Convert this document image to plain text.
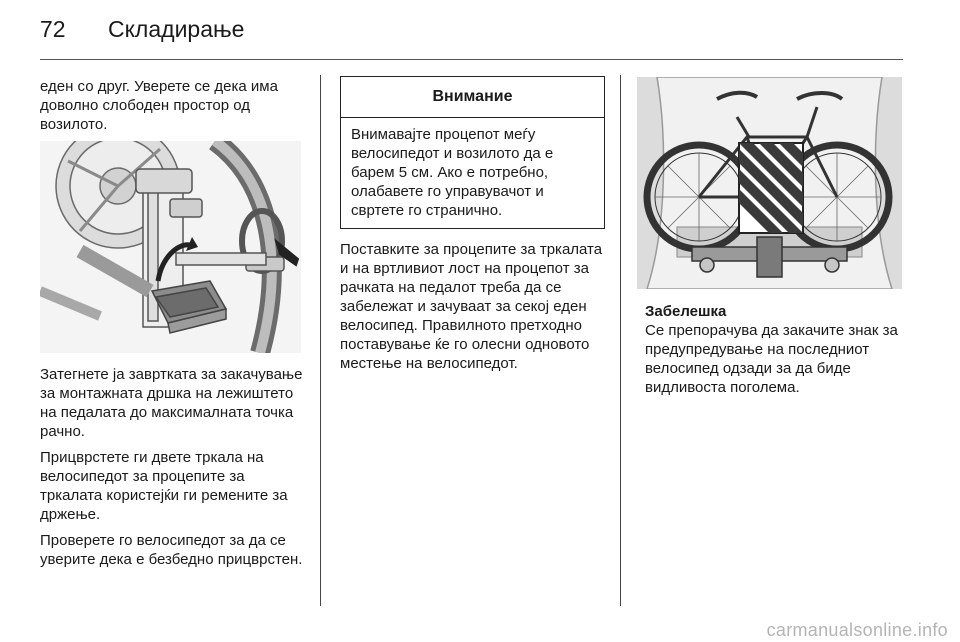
72 Складирање

еден со друг. Уверете се дека има доволно слободен простор од возилото.

Затегнете ја завртката за закачување за монтажната дршка на лежиштето на педалата до максималната точка рачно.

Прицврстете ги двете тркала на велосипедот за процепите за тркалата користејќи ги ремените за држење.

Проверете го велосипедот за да се уверите дека е безбедно прицврстен.

Внимание
Внимавајте процепот меѓу велосипедот и возилото да е барем 5 см. Ако е потребно, олабавете го управувачот и свртете го странично.

Поставките за процепите за тркалата и на вртливиот лост на процепот за рачката на педалот треба да се забележат и зачуваат за секој еден велосипед. Правилното претходно поставување ќе го олесни одновото местење на велосипедот.

Забелешка
Се препорачува да закачите знак за предупредување на последниот велосипед одзади за да биде видливоста поголема.
carmanualsonline.info
